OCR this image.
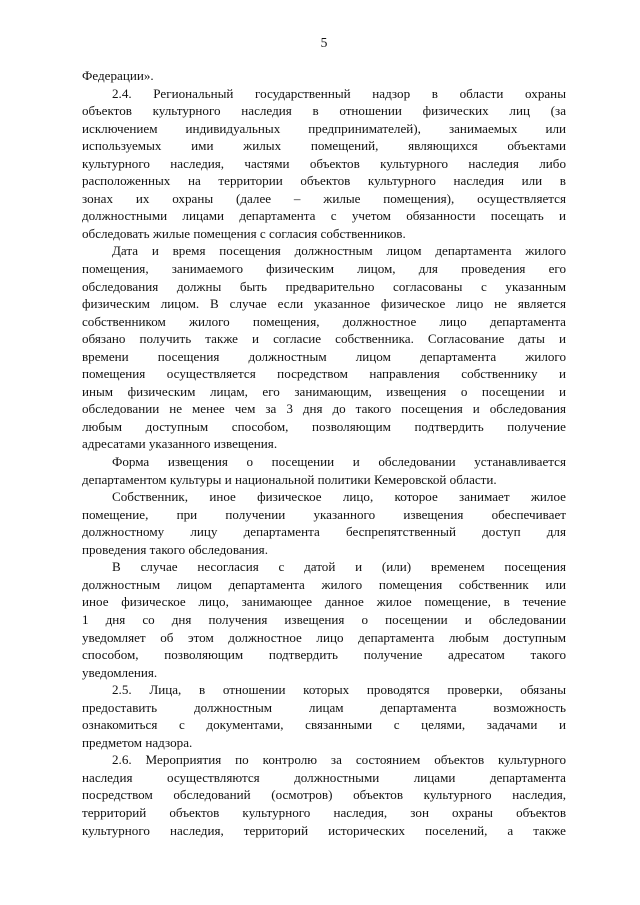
5
Федерации».
2.4. Региональный государственный надзор в области охраны
объектов культурного наследия в отношении физических лиц (за
исключением индивидуальных предпринимателей), занимаемых или
используемых ими жилых помещений, являющихся объектами
культурного наследия, частями объектов культурного наследия либо
расположенных на территории объектов культурного наследия или в
зонах их охраны (далее – жилые помещения), осуществляется
должностными лицами департамента с учетом обязанности посещать и
обследовать жилые помещения с согласия собственников.
Дата и время посещения должностным лицом департамента жилого
помещения, занимаемого физическим лицом, для проведения его
обследования должны быть предварительно согласованы с указанным
физическим лицом. В случае если указанное физическое лицо не является
собственником жилого помещения, должностное лицо департамента
обязано получить также и согласие собственника. Согласование даты и
времени посещения должностным лицом департамента жилого
помещения осуществляется посредством направления собственнику и
иным физическим лицам, его занимающим, извещения о посещении и
обследовании не менее чем за 3 дня до такого посещения и обследования
любым доступным способом, позволяющим подтвердить получение
адресатами указанного извещения.
Форма извещения о посещении и обследовании устанавливается
департаментом культуры и национальной политики Кемеровской области.
Собственник, иное физическое лицо, которое занимает жилое
помещение, при получении указанного извещения обеспечивает
должностному лицу департамента беспрепятственный доступ для
проведения такого обследования.
В случае несогласия с датой и (или) временем посещения
должностным лицом департамента жилого помещения собственник или
иное физическое лицо, занимающее данное жилое помещение, в течение
1 дня со дня получения извещения о посещении и обследовании
уведомляет об этом должностное лицо департамента любым доступным
способом, позволяющим подтвердить получение адресатом такого
уведомления.
2.5. Лица, в отношении которых проводятся проверки, обязаны
предоставить должностным лицам департамента возможность
ознакомиться с документами, связанными с целями, задачами и
предметом надзора.
2.6. Мероприятия по контролю за состоянием объектов культурного
наследия осуществляются должностными лицами департамента
посредством обследований (осмотров) объектов культурного наследия,
территорий объектов культурного наследия, зон охраны объектов
культурного наследия, территорий исторических поселений, а также
